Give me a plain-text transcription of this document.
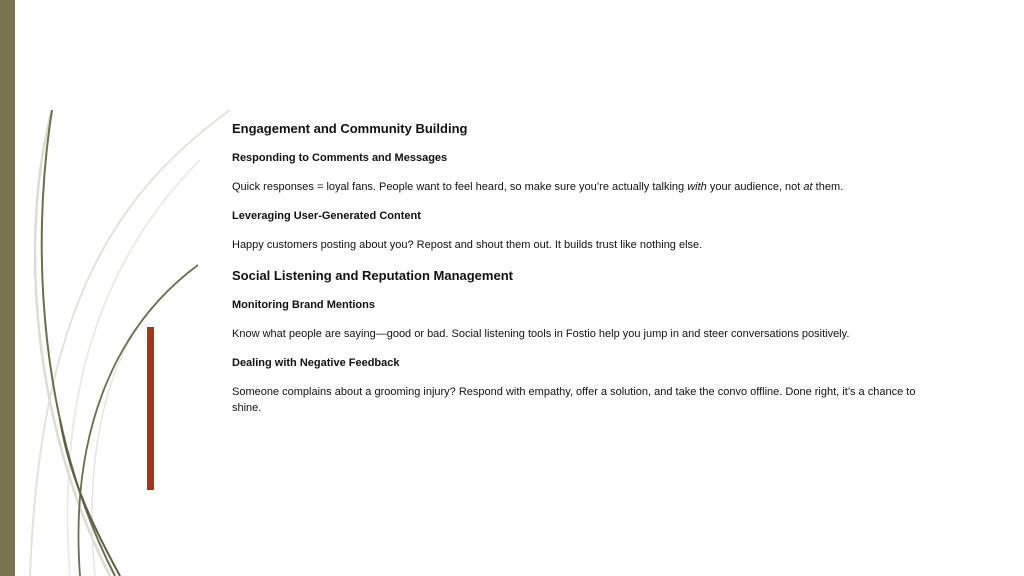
Engagement and Community Building

Responding to Comments and Messages

Quick responses = loyal fans. People want to feel heard, so make sure you’re actually talking with your audience, not at them.

Leveraging User-Generated Content

Happy customers posting about you? Repost and shout them out. It builds trust like nothing else.

Social Listening and Reputation Management

Monitoring Brand Mentions

Know what people are saying—good or bad. Social listening tools in Fostio help you jump in and steer conversations positively.

Dealing with Negative Feedback

Someone complains about a grooming injury? Respond with empathy, offer a solution, and take the convo offline. Done right, it’s a chance to shine.
